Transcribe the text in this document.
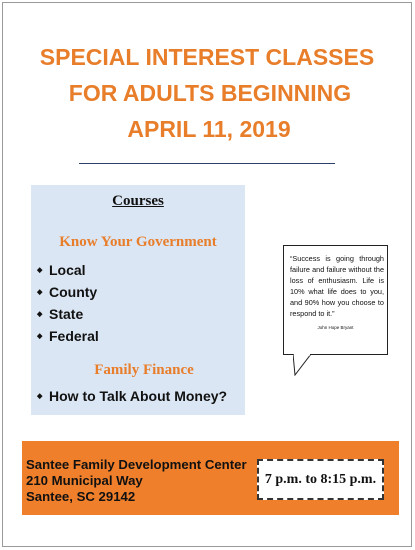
SPECIAL INTEREST CLASSES
FOR ADULTS BEGINNING
APRIL 11, 2019
Courses
Know Your Government
◆ Local
◆ County
◆ State
◆ Federal
Family Finance
◆ How to Talk About Money?
“Success is going through failure and failure without the loss of enthusiasm. Life is 10% what life does to you, and 90% how you choose to respond to it.”
John Hope Bryant
Santee Family Development Center
210 Municipal Way
Santee, SC 29142
7 p.m. to 8:15 p.m.
